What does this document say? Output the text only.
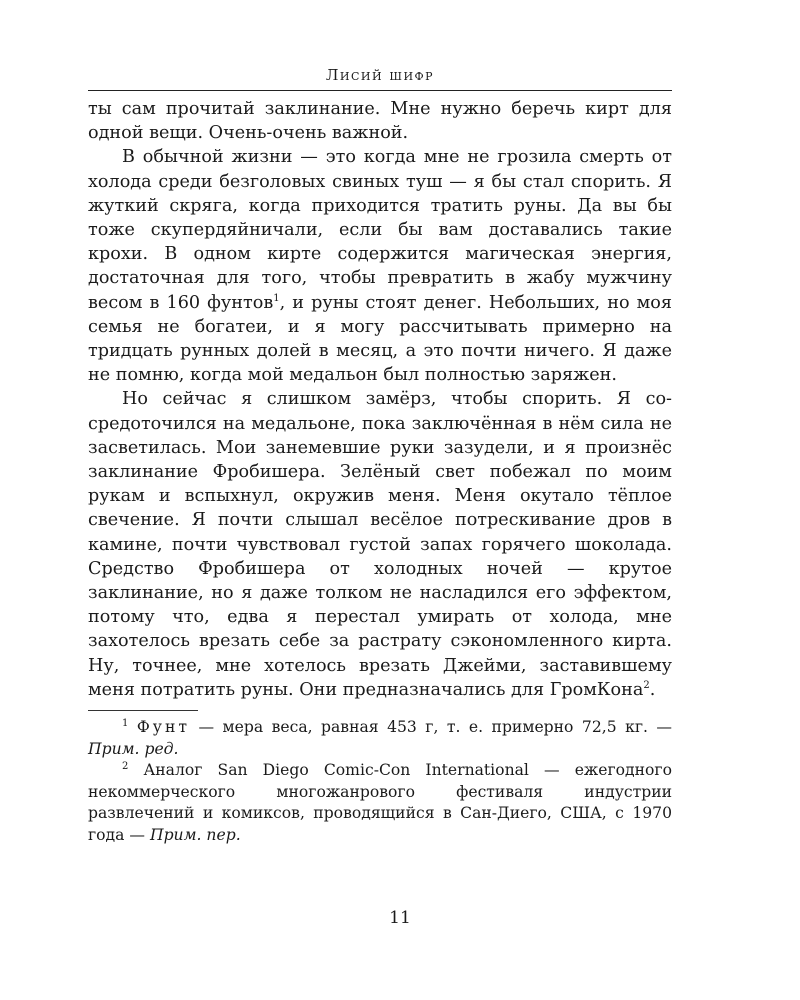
Лисий шифр

ты сам прочитай заклинание. Мне нужно беречь кирт для одной вещи. Очень-очень важной.

В обычной жизни — это когда мне не грозила смерть от холода среди безголовых свиных туш — я бы стал спорить. Я жуткий скряга, когда приходится тратить руны. Да вы бы тоже скупердяйничали, если бы вам доставались такие крохи. В одном кирте содержится магическая энергия, достаточная для того, чтобы превратить в жабу мужчину весом в 160 фунтов$^1$, и руны стоят денег. Небольших, но моя семья не богатеи, и я могу рассчитывать примерно на тридцать рунных долей в месяц, а это почти ничего. Я даже не помню, когда мой медальон был полностью заряжен.

Но сейчас я слишком замёрз, чтобы спорить. Я сосредоточился на медальоне, пока заключённая в нём сила не засветилась. Мои занемевшие руки зазудели, и я произнёс заклинание Фробишера. Зелёный свет побежал по моим рукам и вспыхнул, окружив меня. Меня окутало тёплое свечение. Я почти слышал весёлое потрескивание дров в камине, почти чувствовал густой запах горячего шоколада. Средство Фробишера от холодных ночей — крутое заклинание, но я даже толком не насладился его эффектом, потому что, едва я перестал умирать от холода, мне захотелось врезать себе за растрату сэкономленного кирта. Ну, точнее, мне хотелось врезать Джейми, заставившему меня потратить руны. Они предназначались для ГромКона$^2$.

$^1$ Фунт — мера веса, равная 453 г, т. е. примерно 72,5 кг. — Прим. ред.

$^2$ Аналог San Diego Comic-Con International — ежегодного некоммерческого многожанрового фестиваля индустрии развлечений и комиксов, проводящийся в Сан-Диего, США, с 1970 года — Прим. пер.

11
